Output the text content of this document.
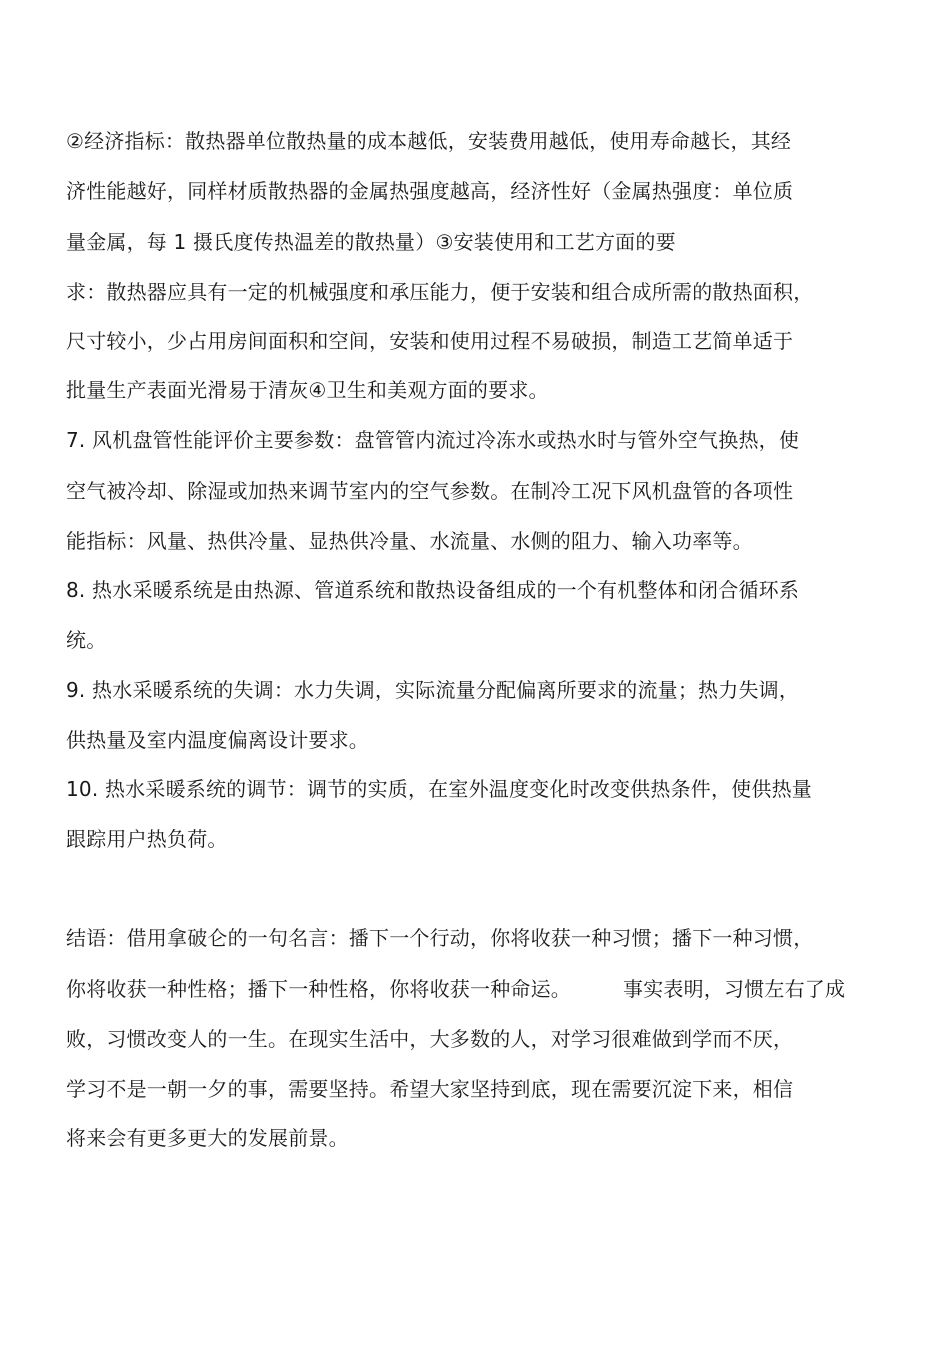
②经济指标：散热器单位散热量的成本越低，安装费用越低，使用寿命越长，其经
济性能越好，同样材质散热器的金属热强度越高，经济性好（金属热强度：单位质
量金属，每 1 摄氏度传热温差的散热量）③安装使用和工艺方面的要
求：散热器应具有一定的机械强度和承压能力，便于安装和组合成所需的散热面积，
尺寸较小，少占用房间面积和空间，安装和使用过程不易破损，制造工艺简单适于
批量生产表面光滑易于清灰④卫生和美观方面的要求。
7. 风机盘管性能评价主要参数：盘管管内流过冷冻水或热水时与管外空气换热，使
空气被冷却、除湿或加热来调节室内的空气参数。在制冷工况下风机盘管的各项性
能指标：风量、热供冷量、显热供冷量、水流量、水侧的阻力、输入功率等。
8. 热水采暖系统是由热源、管道系统和散热设备组成的一个有机整体和闭合循环系
统。
9. 热水采暖系统的失调：水力失调，实际流量分配偏离所要求的流量；热力失调，
供热量及室内温度偏离设计要求。
10. 热水采暖系统的调节：调节的实质，在室外温度变化时改变供热条件，使供热量
跟踪用户热负荷。
结语：借用拿破仑的一句名言：播下一个行动，你将收获一种习惯；播下一种习惯，
你将收获一种性格；播下一种性格，你将收获一种命运。	事实表明，习惯左右了成
败，习惯改变人的一生。在现实生活中，大多数的人，对学习很难做到学而不厌，
学习不是一朝一夕的事，需要坚持。希望大家坚持到底，现在需要沉淀下来，相信
将来会有更多更大的发展前景。
